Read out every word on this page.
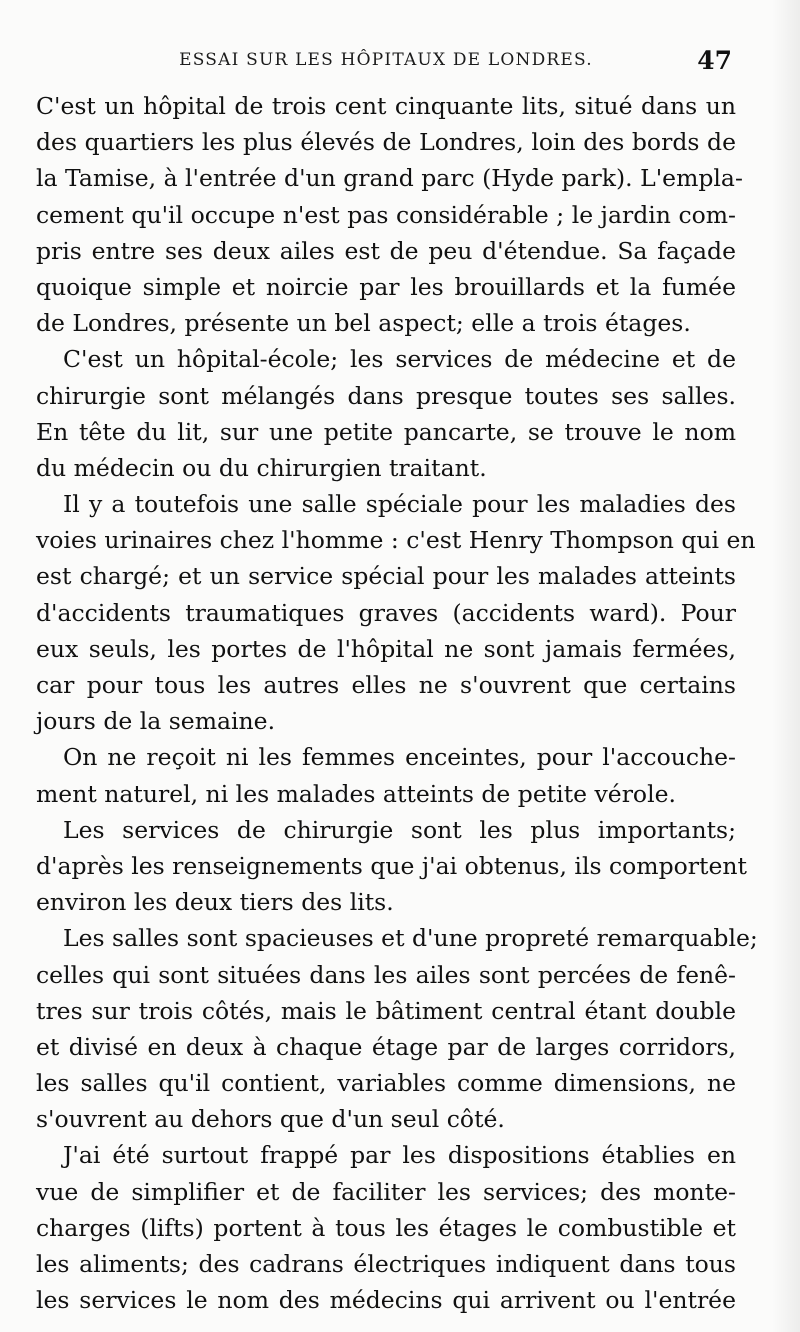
ESSAI SUR LES HÔPITAUX DE LONDRES.	47
C'est un hôpital de trois cent cinquante lits, situé dans un
des quartiers les plus élevés de Londres, loin des bords de
la Tamise, à l'entrée d'un grand parc (Hyde park). L'empla-
cement qu'il occupe n'est pas considérable ; le jardin com-
pris entre ses deux ailes est de peu d'étendue. Sa façade
quoique simple et noircie par les brouillards et la fumée
de Londres, présente un bel aspect; elle a trois étages.
C'est un hôpital-école; les services de médecine et de
chirurgie sont mélangés dans presque toutes ses salles.
En tête du lit, sur une petite pancarte, se trouve le nom
du médecin ou du chirurgien traitant.
Il y a toutefois une salle spéciale pour les maladies des
voies urinaires chez l'homme : c'est Henry Thompson qui en
est chargé; et un service spécial pour les malades atteints
d'accidents traumatiques graves (accidents ward). Pour
eux seuls, les portes de l'hôpital ne sont jamais fermées,
car pour tous les autres elles ne s'ouvrent que certains
jours de la semaine.
On ne reçoit ni les femmes enceintes, pour l'accouche-
ment naturel, ni les malades atteints de petite vérole.
Les services de chirurgie sont les plus importants;
d'après les renseignements que j'ai obtenus, ils comportent
environ les deux tiers des lits.
Les salles sont spacieuses et d'une propreté remarquable;
celles qui sont situées dans les ailes sont percées de fenê-
tres sur trois côtés, mais le bâtiment central étant double
et divisé en deux à chaque étage par de larges corridors,
les salles qu'il contient, variables comme dimensions, ne
s'ouvrent au dehors que d'un seul côté.
J'ai été surtout frappé par les dispositions établies en
vue de simplifier et de faciliter les services; des monte-
charges (lifts) portent à tous les étages le combustible et
les aliments; des cadrans électriques indiquent dans tous
les services le nom des médecins qui arrivent ou l'entrée
